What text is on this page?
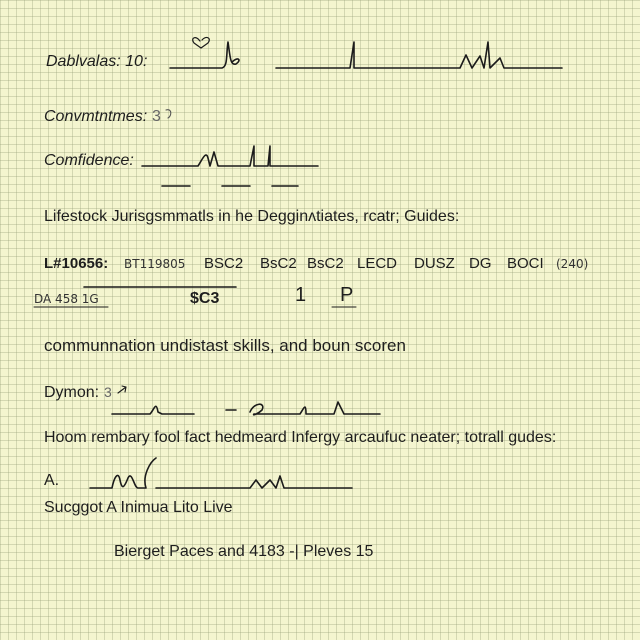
Dablvalas: 10:
Convmtntmes: 3
Comfidence:
Lifestock Jurisgsmmatls in he Degginᴧtiates, rcatr; Guides:
L#10656: BT119805 BSC2 BsC2 BsC2 LECD DUSZ DG BOCI (240)
DA 458 1G	$C3	1 P
communnation undistast skills, and boun scoren
Dymon: 3
Hoom rembary fool fact hedmeard Infergy arcaufuc neater; totrall gudes:
A.
Sucggot A Inimua Lito Live
Bierget Paces and 4183 -| Pleves 15
